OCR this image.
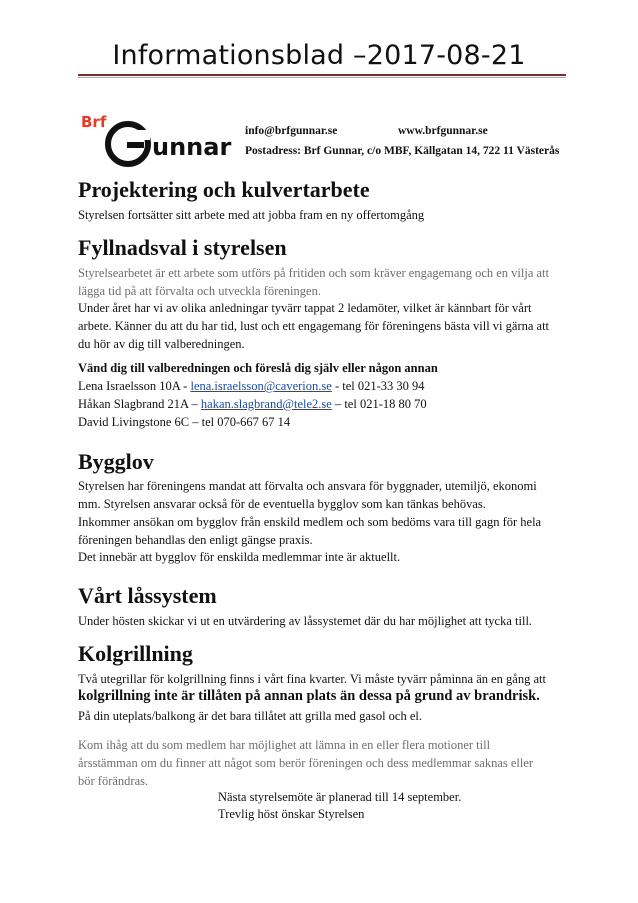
Informationsblad –2017-08-21
Brf
unnar
info@brfgunnar.se	www.brfgunnar.se
Postadress: Brf Gunnar, c/o MBF, Källgatan 14, 722 11 Västerås
Projektering och kulvertarbete
Styrelsen fortsätter sitt arbete med att jobba fram en ny offertomgång
Fyllnadsval i styrelsen
Styrelsearbetet är ett arbete som utförs på fritiden och som kräver engagemang och en vilja att
lägga tid på att förvalta och utveckla föreningen.
Under året har vi av olika anledningar tyvärr tappat 2 ledamöter, vilket är kännbart för vårt
arbete. Känner du att du har tid, lust och ett engagemang för föreningens bästa vill vi gärna att
du hör av dig till valberedningen.
Vänd dig till valberedningen och föreslå dig själv eller någon annan
Lena Israelsson 10A - lena.israelsson@caverion.se - tel 021-33 30 94
Håkan Slagbrand 21A – hakan.slagbrand@tele2.se – tel 021-18 80 70
David Livingstone 6C – tel 070-667 67 14
Bygglov
Styrelsen har föreningens mandat att förvalta och ansvara för byggnader, utemiljö, ekonomi
mm. Styrelsen ansvarar också för de eventuella bygglov som kan tänkas behövas.
Inkommer ansökan om bygglov från enskild medlem och som bedöms vara till gagn för hela
föreningen behandlas den enligt gängse praxis.
Det innebär att bygglov för enskilda medlemmar inte är aktuellt.
Vårt låssystem
Under hösten skickar vi ut en utvärdering av låssystemet där du har möjlighet att tycka till.
Kolgrillning
Två utegrillar för kolgrillning finns i vårt fina kvarter. Vi måste tyvärr påminna än en gång att
kolgrillning inte är tillåten på annan plats än dessa på grund av brandrisk.
På din uteplats/balkong är det bara tillåtet att grilla med gasol och el.
Kom ihåg att du som medlem har möjlighet att lämna in en eller flera motioner till
årsstämman om du finner att något som berör föreningen och dess medlemmar saknas eller
bör förändras.
Nästa styrelsemöte är planerad till 14 september.
Trevlig höst önskar Styrelsen
